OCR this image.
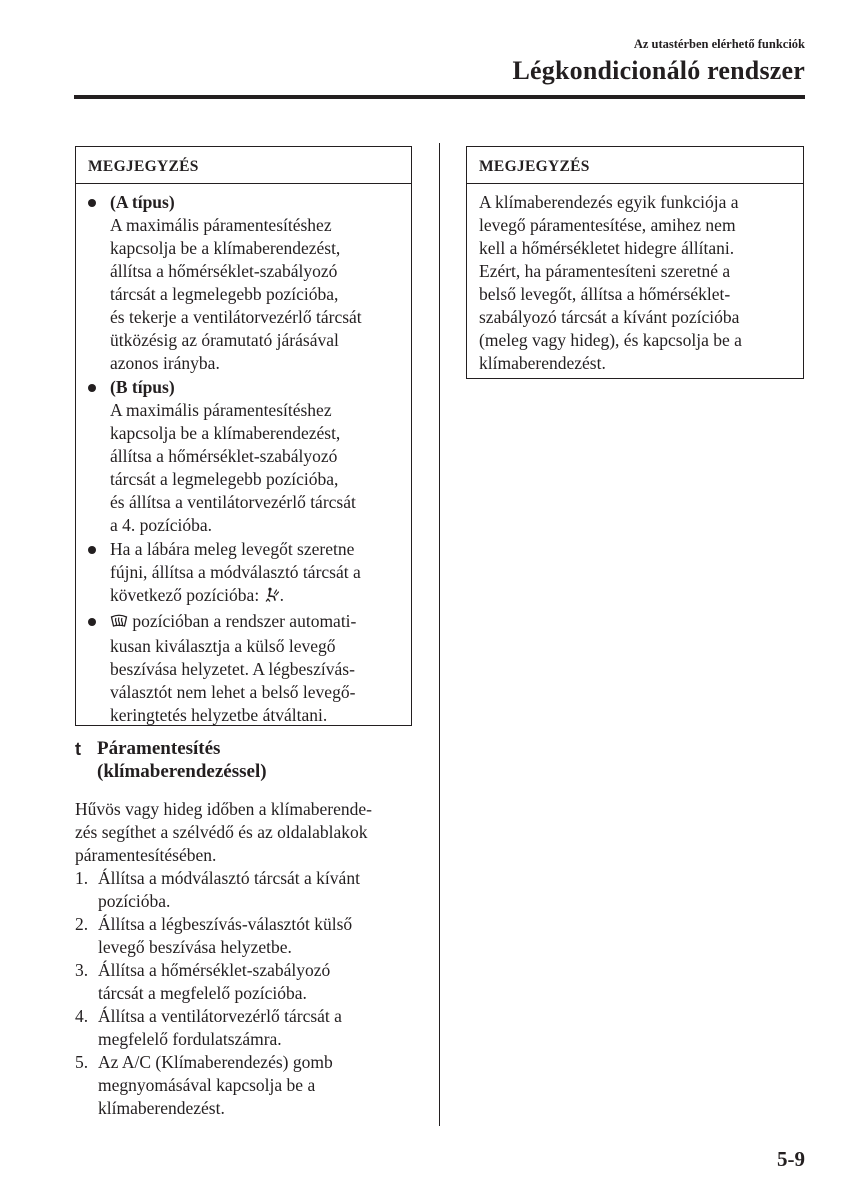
Az utastérben elérhető funkciók
Légkondicionáló rendszer
MEGJEGYZÉS
(A típus)
A maximális páramentesítéshez
kapcsolja be a klímaberendezést,
állítsa a hőmérséklet-szabályozó
tárcsát a legmelegebb pozícióba,
és tekerje a ventilátorvezérlő tárcsát
ütközésig az óramutató járásával
azonos irányba.
(B típus)
A maximális páramentesítéshez
kapcsolja be a klímaberendezést,
állítsa a hőmérséklet-szabályozó
tárcsát a legmelegebb pozícióba,
és állítsa a ventilátorvezérlő tárcsát
a 4. pozícióba.
Ha a lábára meleg levegőt szeretne
fújni, állítsa a módválasztó tárcsát a
következő pozícióba: .
pozícióban a rendszer automati-
kusan kiválasztja a külső levegő
beszívása helyzetet. A légbeszívás-
választót nem lehet a belső levegő-
keringtetés helyzetbe átváltani.
MEGJEGYZÉS
A klímaberendezés egyik funkciója a
levegő páramentesítése, amihez nem
kell a hőmérsékletet hidegre állítani.
Ezért, ha páramentesíteni szeretné a
belső levegőt, állítsa a hőmérséklet-
szabályozó tárcsát a kívánt pozícióba
(meleg vagy hideg), és kapcsolja be a
klímaberendezést.
t Páramentesítés
(klímaberendezéssel)
Hűvös vagy hideg időben a klímaberende-
zés segíthet a szélvédő és az oldalablakok
páramentesítésében.
1. Állítsa a módválasztó tárcsát a kívánt
pozícióba.
2. Állítsa a légbeszívás-választót külső
levegő beszívása helyzetbe.
3. Állítsa a hőmérséklet-szabályozó
tárcsát a megfelelő pozícióba.
4. Állítsa a ventilátorvezérlő tárcsát a
megfelelő fordulatszámra.
5. Az A/C (Klímaberendezés) gomb
megnyomásával kapcsolja be a
klímaberendezést.
5-9
